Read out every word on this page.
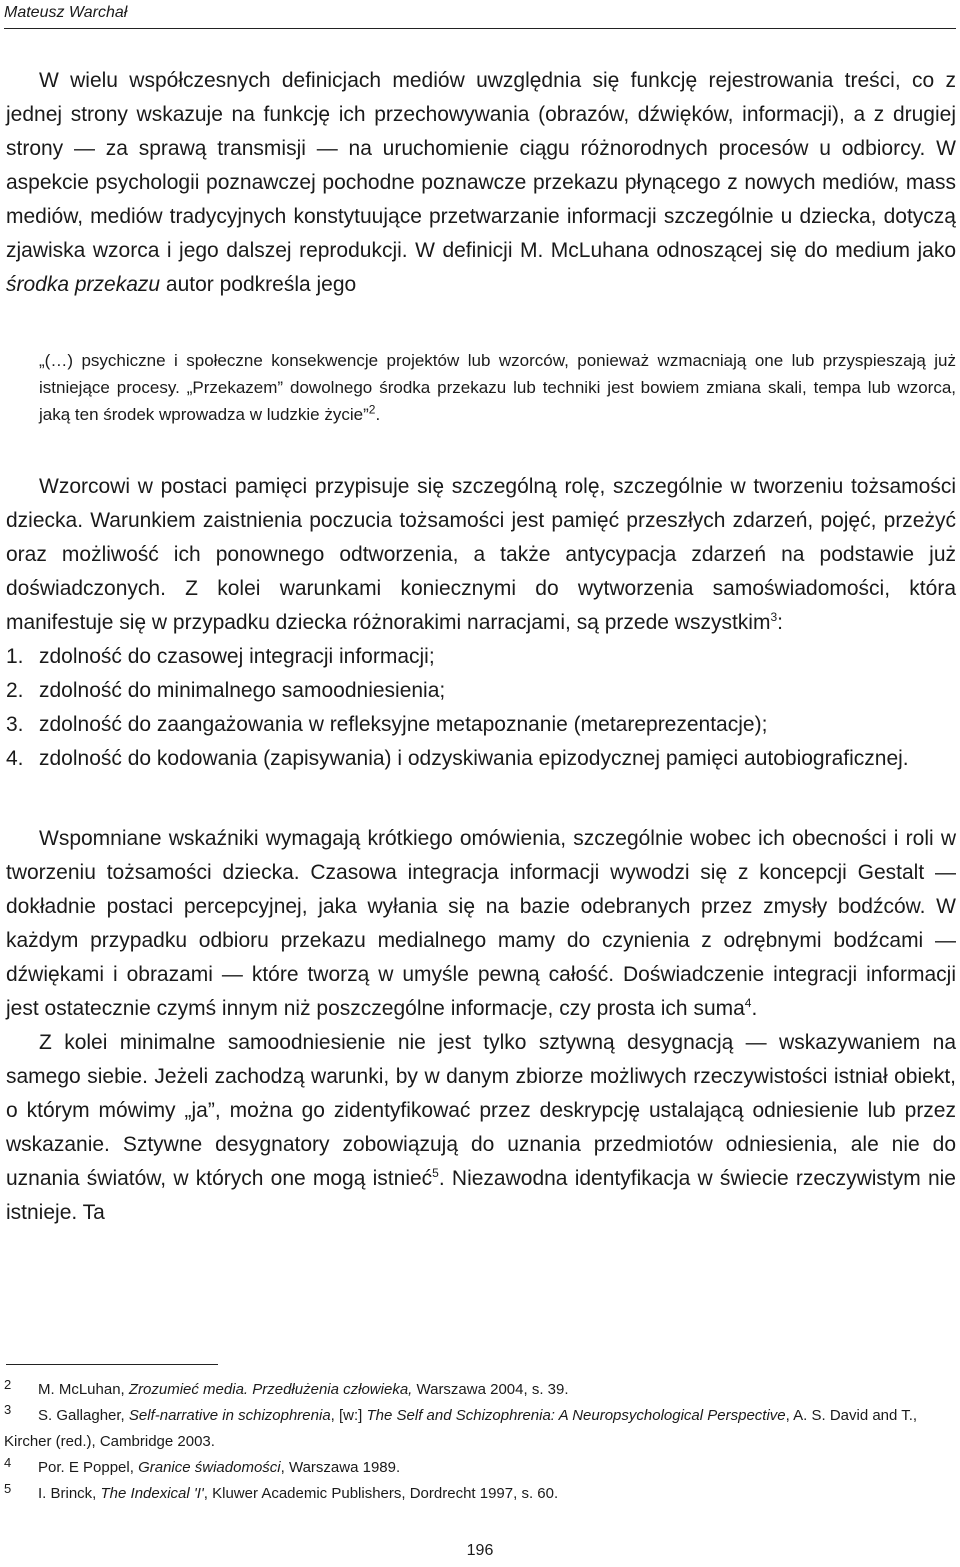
Mateusz Warchał

W wielu współczesnych definicjach mediów uwzględnia się funkcję rejestrowania treści, co z jednej strony wskazuje na funkcję ich przechowywania (obrazów, dźwięków, informacji), a z drugiej strony — za sprawą transmisji — na uruchomienie ciągu różnorodnych procesów u odbiorcy. W aspekcie psychologii poznawczej pochodne poznawcze przekazu płynącego z nowych mediów, mass mediów, mediów tradycyjnych konstytuujące przetwarzanie informacji szczególnie u dziecka, dotyczą zjawiska wzorca i jego dalszej reprodukcji. W definicji M. McLuhana odnoszącej się do medium jako środka przekazu autor podkreśla jego

„(…) psychiczne i społeczne konsekwencje projektów lub wzorców, ponieważ wzmacniają one lub przyspieszają już istniejące procesy. „Przekazem” dowolnego środka przekazu lub techniki jest bowiem zmiana skali, tempa lub wzorca, jaką ten środek wprowadza w ludzkie życie”$^2$.

Wzorcowi w postaci pamięci przypisuje się szczególną rolę, szczególnie w tworzeniu tożsamości dziecka. Warunkiem zaistnienia poczucia tożsamości jest pamięć przeszłych zdarzeń, pojęć, przeżyć oraz możliwość ich ponownego odtworzenia, a także antycypacja zdarzeń na podstawie już doświadczonych. Z kolei warunkami koniecznymi do wytworzenia samoświadomości, która manifestuje się w przypadku dziecka różnorakimi narracjami, są przede wszystkim$^3$:

1. zdolność do czasowej integracji informacji;
2. zdolność do minimalnego samoodniesienia;
3. zdolność do zaangażowania w refleksyjne metapoznanie (metareprezentacje);
4. zdolność do kodowania (zapisywania) i odzyskiwania epizodycznej pamięci autobiograficznej.

Wspomniane wskaźniki wymagają krótkiego omówienia, szczególnie wobec ich obecności i roli w tworzeniu tożsamości dziecka. Czasowa integracja informacji wywodzi się z koncepcji Gestalt — dokładnie postaci percepcyjnej, jaka wyłania się na bazie odebranych przez zmysły bodźców. W każdym przypadku odbioru przekazu medialnego mamy do czynienia z odrębnymi bodźcami — dźwiękami i obrazami — które tworzą w umyśle pewną całość. Doświadczenie integracji informacji jest ostatecznie czymś innym niż poszczególne informacje, czy prosta ich suma$^4$.

Z kolei minimalne samoodniesienie nie jest tylko sztywną desygnacją — wskazywaniem na samego siebie. Jeżeli zachodzą warunki, by w danym zbiorze możliwych rzeczywistości istniał obiekt, o którym mówimy „ja”, można go zidentyfikować przez deskrypcję ustalającą odniesienie lub przez wskazanie. Sztywne desygnatory zobowiązują do uznania przedmiotów odniesienia, ale nie do uznania światów, w których one mogą istnieć$^5$. Niezawodna identyfikacja w świecie rzeczywistym nie istnieje. Ta

2 M. McLuhan, Zrozumieć media. Przedłużenia człowieka, Warszawa 2004, s. 39.

3 S. Gallagher, Self-narrative in schizophrenia, [w:] The Self and Schizophrenia: A Neuropsychological Perspective, A. S. David and T., Kircher (red.), Cambridge 2003.

4 Por. E Poppel, Granice świadomości, Warszawa 1989.

5 I. Brinck, The Indexical 'I', Kluwer Academic Publishers, Dordrecht 1997, s. 60.

196
